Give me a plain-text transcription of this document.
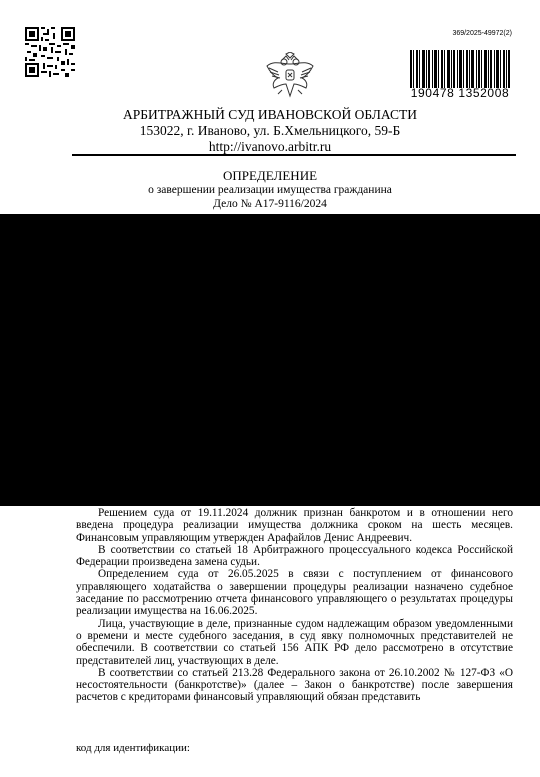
369/2025-49972(2)
190478 1352008
АРБИТРАЖНЫЙ СУД ИВАНОВСКОЙ ОБЛАСТИ
153022, г. Иваново, ул. Б.Хмельницкого, 59-Б
http://ivanovo.arbitr.ru
ОПРЕДЕЛЕНИЕ
о завершении реализации имущества гражданина
Дело № А17-9116/2024

Решением суда от 19.11.2024 должник признан банкротом и в отношении него введена процедура реализации имущества должника сроком на шесть месяцев. Финансовым управляющим утвержден Арафайлов Денис Андреевич.

В соответствии со статьей 18 Арбитражного процессуального кодекса Российской Федерации произведена замена судьи.

Определением суда от 26.05.2025 в связи с поступлением от финансового управляющего ходатайства о завершении процедуры реализации назначено судебное заседание по рассмотрению отчета финансового управляющего о результатах процедуры реализации имущества на 16.06.2025.

Лица, участвующие в деле, признанные судом надлежащим образом уведомленными о времени и месте судебного заседания, в суд явку полномочных представителей не обеспечили. В соответствии со статьей 156 АПК РФ дело рассмотрено в отсутствие представителей лиц, участвующих в деле.

В соответствии со статьей 213.28 Федерального закона от 26.10.2002 № 127-ФЗ «О несостоятельности (банкротстве)» (далее – Закон о банкротстве) после завершения расчетов с кредиторами финансовый управляющий обязан представить

код для идентификации:
